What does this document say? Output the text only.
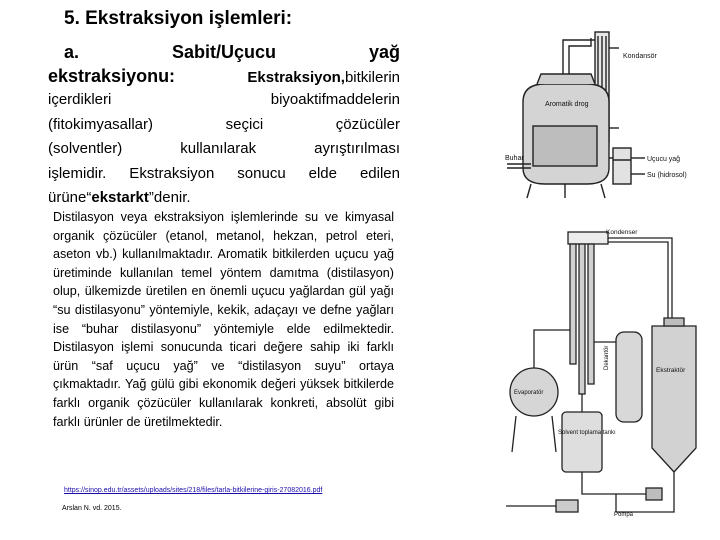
5. Ekstraksiyon işlemleri:
a.	Sabit/Uçucu	yağ
ekstraksiyonu:	Ekstraksiyon,bitkilerin
içerdikleri	biyoaktifmaddelerin
(fitokimyasallar)	seçici	çözücüler
(solventler)	kullanılarak	ayrıştırılması
işlemidir. Ekstraksiyon sonucu elde edilen
ürüne“ekstarkt”denir.
Distilasyon veya ekstraksiyon işlemlerinde su ve kimyasal organik çözücüler (etanol, metanol, hekzan, petrol eteri, aseton vb.) kullanılmaktadır. Aromatik bitkilerden uçucu yağ üretiminde kullanılan temel yöntem damıtma (distilasyon) olup, ülkemizde üretilen en önemli uçucu yağlardan gül yağı “su distilasyonu” yöntemiyle, kekik, adaçayı ve defne yağları ise “buhar distilasyonu” yöntemiyle elde edilmektedir. Distilasyon işlemi sonucunda ticari değere sahip iki farklı ürün “saf uçucu yağ” ve “distilasyon suyu” ortaya çıkmaktadır. Yağ gülü gibi ekonomik değeri yüksek bitkilerde farklı organik çözücüler kullanılarak konkreti, absolüt gibi farklı ürünler de üretilmektedir.
https://sinop.edu.tr/assets/uploads/sites/218/files/tarla-bitkilerine-giris-27082016.pdf
Arslan N. vd. 2015.
Kondansör
Aromatik drog
Buhar	Uçucu yağ
Su (hidrosol)
Kondenser
Evaporatör
Dekantör
Solvent toplama tankı
Ekstraktör
Pompa
